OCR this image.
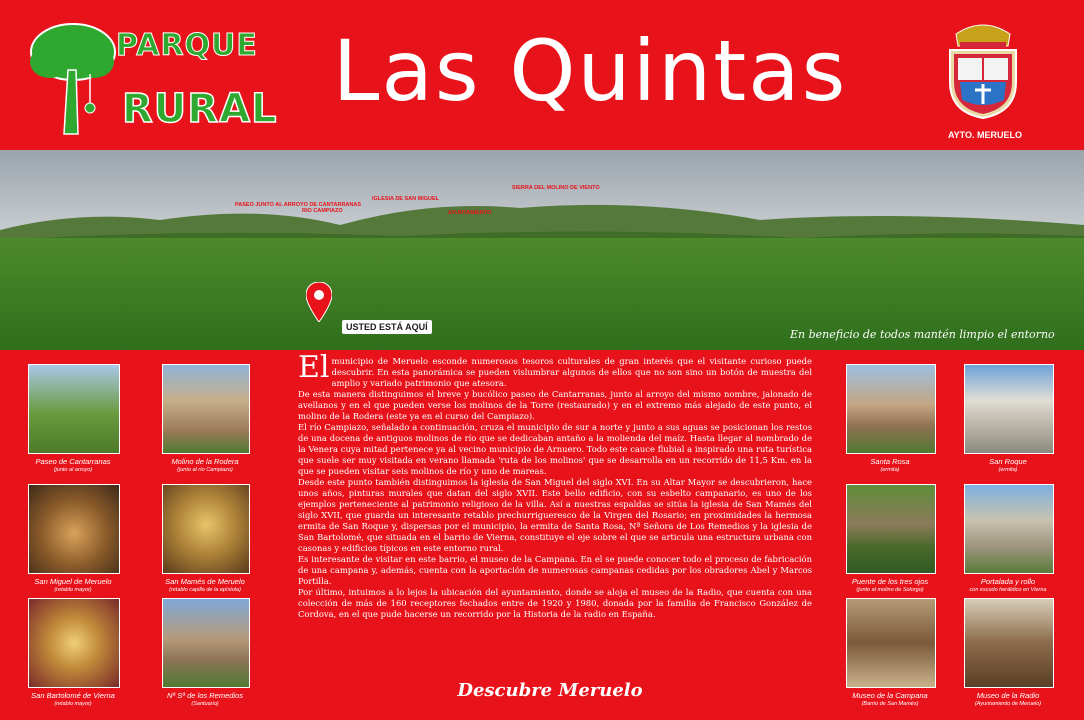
PARQUE
RURAL Las Quintas
AYTO. MERUELO
PASEO JUNTO AL ARROYO DE CANTARRANAS
RIO CAMPIAZO
IGLESIA DE SAN MIGUEL
SIERRA DEL MOLINO DE VIENTO
AYUNTAMIENTO
USTED ESTÁ AQUÍ
En beneficio de todos mantén limpio el entorno
Paseo de Cantarranas
(junto al arroyo)
Molino de la Rodera
(junto al río Campiazo)
San Miguel de Meruelo
(retablo mayor)
San Mamés de Meruelo
(retablo capilla de la epístola)
San Bartolomé de Vierna
(retablo mayor)
Nª Sª de los Remedios
(Santuario)
El municipio de Meruelo esconde numerosos tesoros culturales de gran interés que el visitante curioso puede descubrir. En esta panorámica se pueden vislumbrar algunos de ellos que no son sino un botón de muestra del amplio y variado patrimonio que atesora.

De esta manera distinguimos el breve y bucólico paseo de Cantarranas, junto al arroyo del mismo nombre, jalonado de avellanos y en el que pueden verse los molinos de la Torre (restaurado) y en el extremo más alejado de este punto, el molino de la Rodera (este ya en el curso del Campiazo).

El río Campiazo, señalado a continuación, cruza el municipio de sur a norte y junto a sus aguas se posicionan los restos de una docena de antiguos molinos de río que se dedicaban antaño a la molienda del maíz. Hasta llegar al nombrado de la Venera cuya mitad pertenece ya al vecino municipio de Arnuero. Todo este cauce flubial a inspirado una ruta turística que suele ser muy visitada en verano llamada 'ruta de los molinos' que se desarrolla en un recorrido de 11,5 Km. en la que se pueden visitar seis molinos de río y uno de mareas.

Desde este punto también distinguimos la iglesia de San Miguel del siglo XVI. En su Altar Mayor se descubrieron, hace unos años, pinturas murales que datan del siglo XVII. Este bello edificio, con su esbelto campanario, es uno de los ejemplos perteneciente al patrimonio religioso de la villa. Así a nuestras espaldas se sitúa la iglesia de San Mamés del siglo XVII, que guarda un interesante retablo prechurrigueresco de la Virgen del Rosario; en proximidades la hermosa ermita de San Roque y, dispersas por el municipio, la ermita de Santa Rosa, Nª Señora de Los Remedios y la iglesia de San Bartolomé, que situada en el barrio de Vierna, constituye el eje sobre el que se articula una estructura urbana con casonas y edificios típicos en este entorno rural.

Es interesante de visitar en este barrio, el museo de la Campana. En el se puede conocer todo el proceso de fabricación de una campana y, además, cuenta con la aportación de numerosas campanas cedidas por los obradores Abel y Marcos Portilla.

Por último, intuimos a lo lejos la ubicación del ayuntamiento, donde se aloja el museo de la Radio, que cuenta con una colección de más de 160 receptores fechados entre de 1920 y 1980, donada por la familia de Francisco González de Cordova, en el que pude hacerse un recorrido por la Historia de la radio en España.

Descubre Meruelo
Santa Rosa
(ermita)
San Roque
(ermita)
Puente de los tres ojos
(junto al molino de Solorgo)
Portalada y rollo
con escudo heráldico en Vierna
Museo de la Campana
(Barrio de San Mamés)
Museo de la Radio
(Ayuntamiento de Meruelo)
